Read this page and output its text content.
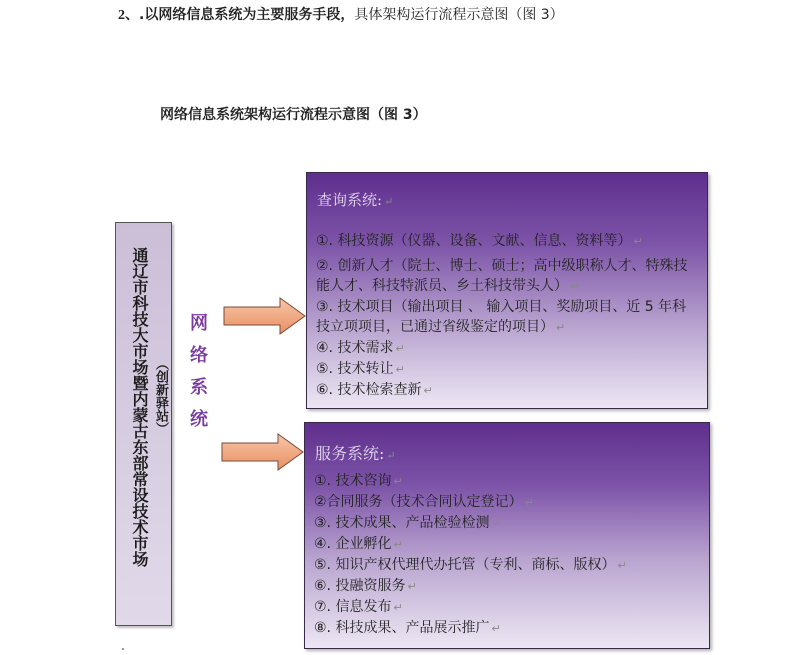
2、.以网络信息系统为主要服务手段，具体架构运行流程示意图（图 3）
网络信息系统架构运行流程示意图（图 3）
通辽市科技大市场暨内蒙古东部常设技术市场 （创新驿站） 网络系统
查询系统: ↵
①. 科技资源（仪器、设备、文献、信息、资料等） ↵
②. 创新人才（院士、博士、硕士；高中级职称人才、特殊技能人才、科技特派员、乡土科技带头人） ↵
③. 技术项目（输出项目 、 输入项目、奖励项目、近 5 年科技立项项目，已通过省级鉴定的项目） ↵
④. 技术需求 ↵
⑤. 技术转让 ↵
⑥. 技术检索查新 ↵
服务系统: ↵
①. 技术咨询 ↵
②合同服务（技术合同认定登记） ↵
③. 技术成果、产品检验检测 ↵
④. 企业孵化 ↵
⑤. 知识产权代理代办托管（专利、商标、版权） ↵
⑥. 投融资服务 ↵
⑦. 信息发布 ↵
⑧. 科技成果、产品展示推广 ↵
